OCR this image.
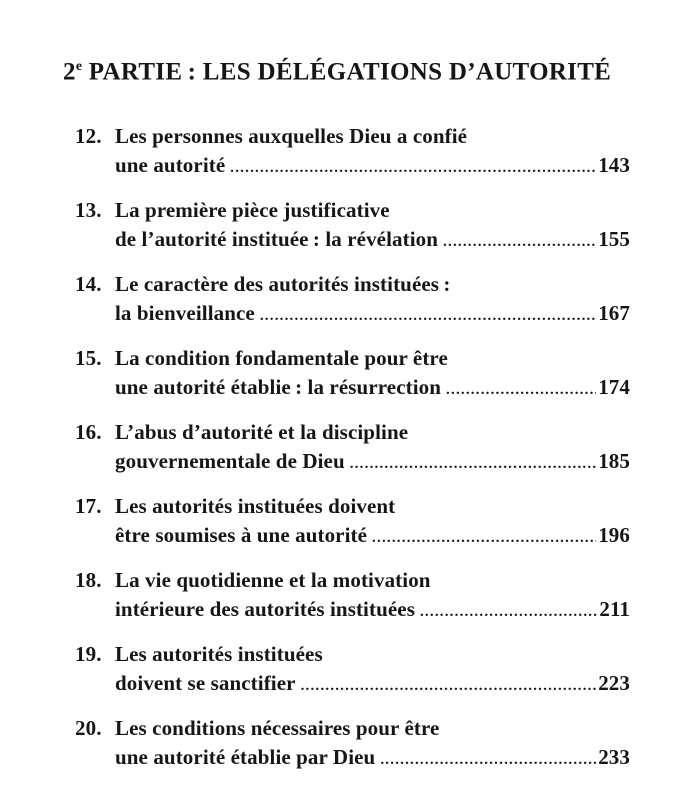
2e PARTIE : LES DÉLÉGATIONS D’AUTORITÉ
12. Les personnes auxquelles Dieu a confié
une autorité .....	143
13. La première pièce justificative
de l’autorité instituée : la révélation .....	155
14. Le caractère des autorités instituées :
la bienveillance .....	167
15. La condition fondamentale pour être
une autorité établie : la résurrection .....	174
16. L’abus d’autorité et la discipline
gouvernementale de Dieu .....	185
17. Les autorités instituées doivent
être soumises à une autorité .....	196
18. La vie quotidienne et la motivation
intérieure des autorités instituées .....	211
19. Les autorités instituées
doivent se sanctifier .....	223
20. Les conditions nécessaires pour être
une autorité établie par Dieu .....	233
